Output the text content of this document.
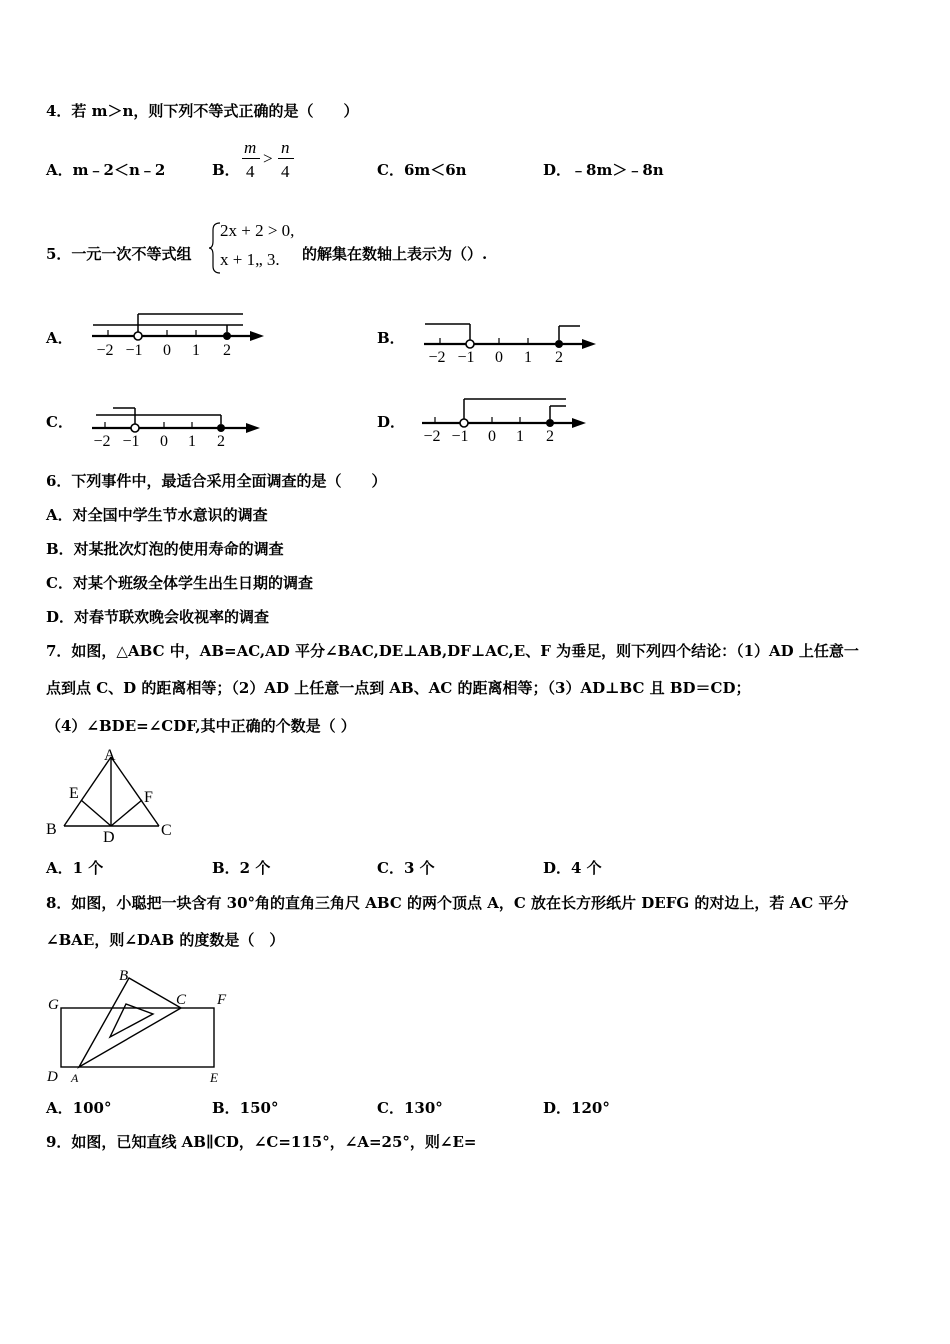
4．若 m＞n，则下列不等式正确的是（　　）
A．m﹣2＜n﹣2	B．
m
4
>
n
4	C．6m＜6n	D．﹣8m＞﹣8n
5．一元一次不等式组
2x + 2 > 0,
x + 1„ 3. 的解集在数轴上表示为（）.
A．
−2 −1 0 1 2
B．
−2 −1 0 1 2
C．
−2 −1 0 1 2
D．
−2 −1 0 1 2
6．下列事件中，最适合采用全面调查的是（　　）
A．对全国中学生节水意识的调查
B．对某批次灯泡的使用寿命的调查
C．对某个班级全体学生出生日期的调查
D．对春节联欢晚会收视率的调查
7．如图，△ABC 中，AB=AC,AD 平分∠BAC,DE⊥AB,DF⊥AC,E、F 为垂足，则下列四个结论：（1）AD 上任意一
点到点 C、D 的距离相等；（2）AD 上任意一点到 AB、AC 的距离相等；（3）AD⊥BC 且 BD＝CD；
（4）∠BDE=∠CDF,其中正确的个数是（ ）
A
B	C
D
E	F
A．1 个	B．2 个	C．3 个	D．4 个
8．如图，小聪把一块含有 30°角的直角三角尺 ABC 的两个顶点 A，C 放在长方形纸片 DEFG 的对边上，若 AC 平分
∠BAE，则∠DAB 的度数是（　）
B
C
G	F
D A	E
A．100°	B．150°	C．130°	D．120°
9．如图，已知直线 AB∥CD，∠C=115°，∠A=25°，则∠E=
